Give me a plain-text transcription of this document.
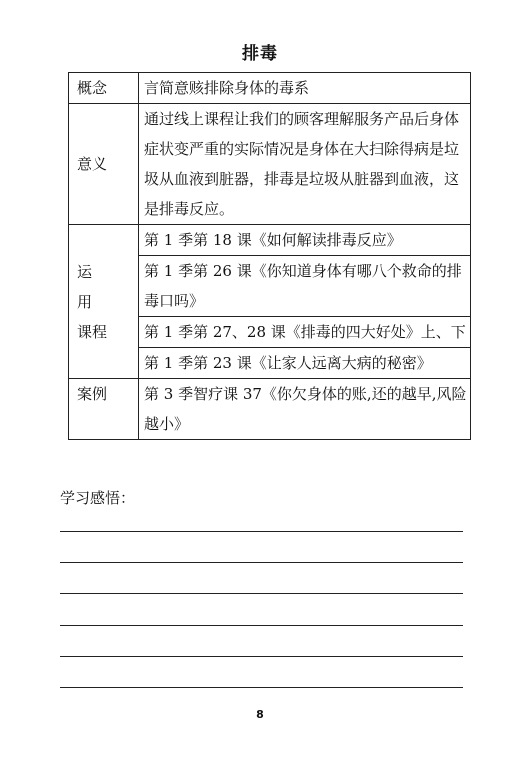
排毒
概念	言简意赅排除身体的毒系
意义	通过线上课程让我们的顾客理解服务产品后身体症状变严重的实际情况是身体在大扫除得病是垃圾从血液到脏器，排毒是垃圾从脏器到血液，这是排毒反应。

运 用
课程	第 1 季第 18 课《如何解读排毒反应》
	第 1 季第 26 课《你知道身体有哪八个救命的排毒口吗》
	第 1 季第 27、28 课《排毒的四大好处》上、下
	第 1 季第 23 课《让家人远离大病的秘密》
案例	第 3 季智疗课 37《你欠身体的账,还的越早,风险越小》
学习感悟：
8
